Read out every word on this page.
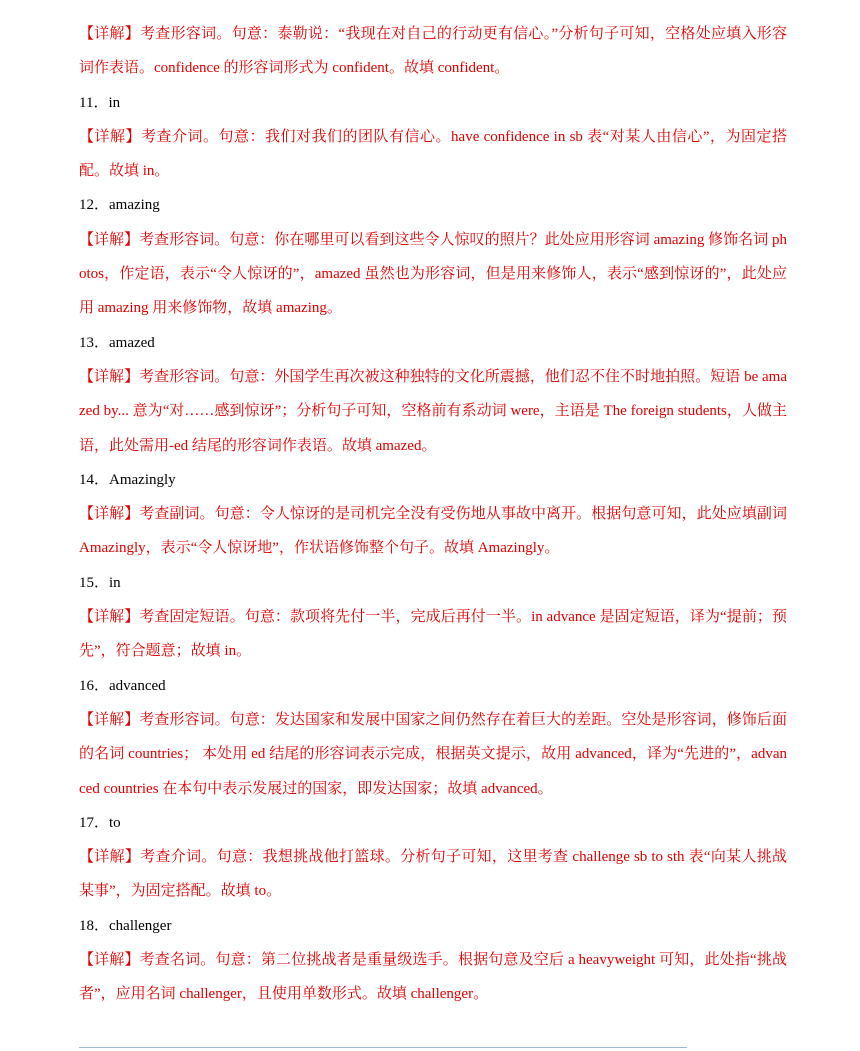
【详解】考查形容词。句意：泰勒说：“我现在对自己的行动更有信心。”分析句子可知，空格处应填入形容词作表语。confidence 的形容词形式为 confident。故填 confident。
11．in
【详解】考查介词。句意：我们对我们的团队有信心。have confidence in sb 表“对某人由信心”，为固定搭配。故填 in。
12．amazing
【详解】考查形容词。句意：你在哪里可以看到这些令人惊叹的照片？此处应用形容词 amazing 修饰名词 photos，作定语，表示“令人惊讶的”，amazed 虽然也为形容词，但是用来修饰人，表示“感到惊讶的”，此处应用 amazing 用来修饰物，故填 amazing。
13．amazed
【详解】考查形容词。句意：外国学生再次被这种独特的文化所震撼，他们忍不住不时地拍照。短语 be amazed by... 意为“对……感到惊讶”；分析句子可知，空格前有系动词 were，主语是 The foreign students，人做主语，此处需用-ed 结尾的形容词作表语。故填 amazed。
14．Amazingly
【详解】考查副词。句意：令人惊讶的是司机完全没有受伤地从事故中离开。根据句意可知，此处应填副词 Amazingly，表示“令人惊讶地”，作状语修饰整个句子。故填 Amazingly。
15．in
【详解】考查固定短语。句意：款项将先付一半，完成后再付一半。in advance 是固定短语，译为“提前；预先”，符合题意；故填 in。
16．advanced
【详解】考查形容词。句意：发达国家和发展中国家之间仍然存在着巨大的差距。空处是形容词，修饰后面的名词 countries； 本处用 ed 结尾的形容词表示完成，根据英文提示，故用 advanced，译为“先进的”，advanced countries 在本句中表示发展过的国家，即发达国家；故填 advanced。
17．to
【详解】考查介词。句意：我想挑战他打篮球。分析句子可知，这里考查 challenge sb to sth 表“向某人挑战某事”，为固定搭配。故填 to。
18．challenger
【详解】考查名词。句意：第二位挑战者是重量级选手。根据句意及空后 a heavyweight 可知，此处指“挑战者”，应用名词 challenger，且使用单数形式。故填 challenger。
